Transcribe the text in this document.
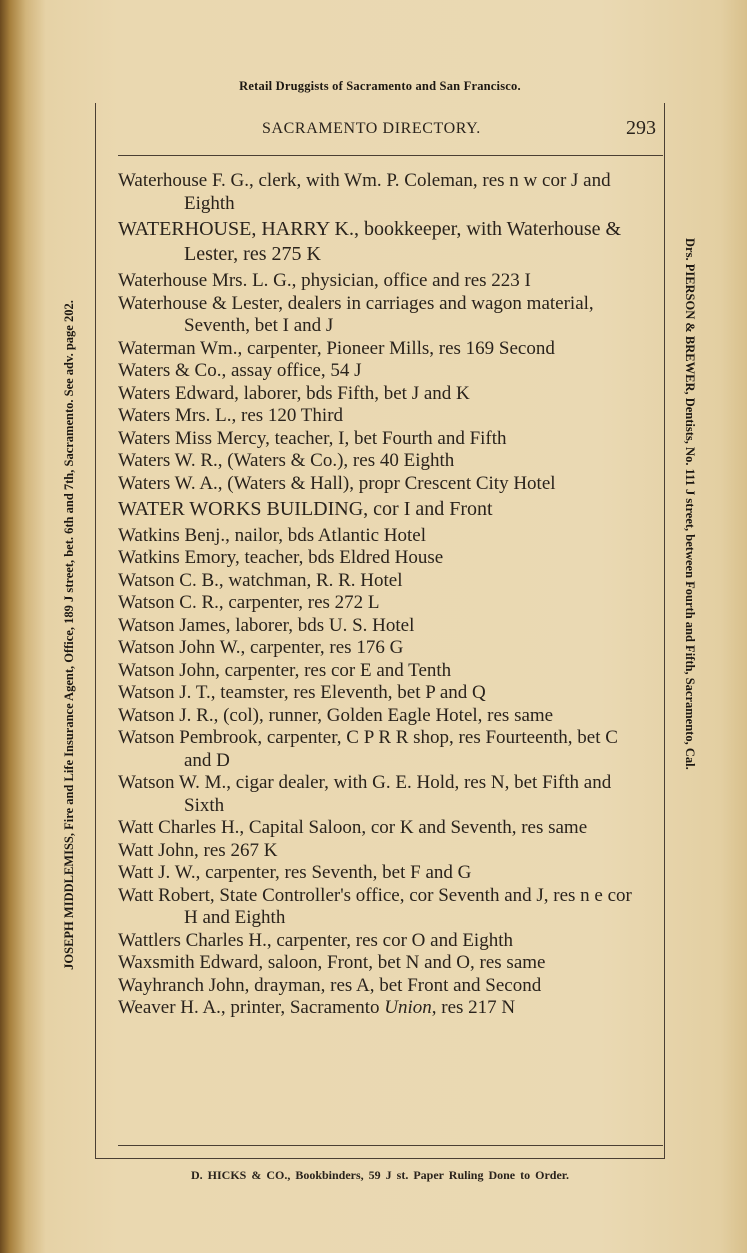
JOSEPH MIDDLEMISS, Fire and Life Insurance Agent, Office, 189 J street, bet. 6th and 7th, Sacramento. See adv. page 202.	Drs. PIERSON & BREWER, Dentists, No. 111 J street, between Fourth and Fifth, Sacramento, Cal.
Retail Druggists of Sacramento and San Francisco.
SACRAMENTO DIRECTORY.	293

Waterhouse F. G., clerk, with Wm. P. Coleman, res n w cor J and Eighth

WATERHOUSE, HARRY K., bookkeeper, with Waterhouse & Lester, res 275 K

Waterhouse Mrs. L. G., physician, office and res 223 I

Waterhouse & Lester, dealers in carriages and wagon material, Seventh, bet I and J

Waterman Wm., carpenter, Pioneer Mills, res 169 Second

Waters & Co., assay office, 54 J

Waters Edward, laborer, bds Fifth, bet J and K

Waters Mrs. L., res 120 Third

Waters Miss Mercy, teacher, I, bet Fourth and Fifth

Waters W. R., (Waters & Co.), res 40 Eighth

Waters W. A., (Waters & Hall), propr Crescent City Hotel

WATER WORKS BUILDING, cor I and Front

Watkins Benj., nailor, bds Atlantic Hotel

Watkins Emory, teacher, bds Eldred House

Watson C. B., watchman, R. R. Hotel

Watson C. R., carpenter, res 272 L

Watson James, laborer, bds U. S. Hotel

Watson John W., carpenter, res 176 G

Watson John, carpenter, res cor E and Tenth

Watson J. T., teamster, res Eleventh, bet P and Q

Watson J. R., (col), runner, Golden Eagle Hotel, res same

Watson Pembrook, carpenter, C P R R shop, res Fourteenth, bet C and D

Watson W. M., cigar dealer, with G. E. Hold, res N, bet Fifth and Sixth

Watt Charles H., Capital Saloon, cor K and Seventh, res same

Watt John, res 267 K

Watt J. W., carpenter, res Seventh, bet F and G

Watt Robert, State Controller's office, cor Seventh and J, res n e cor H and Eighth

Wattlers Charles H., carpenter, res cor O and Eighth

Waxsmith Edward, saloon, Front, bet N and O, res same

Wayhranch John, drayman, res A, bet Front and Second

Weaver H. A., printer, Sacramento Union, res 217 N

D. HICKS & CO., Bookbinders, 59 J st. Paper Ruling Done to Order.
